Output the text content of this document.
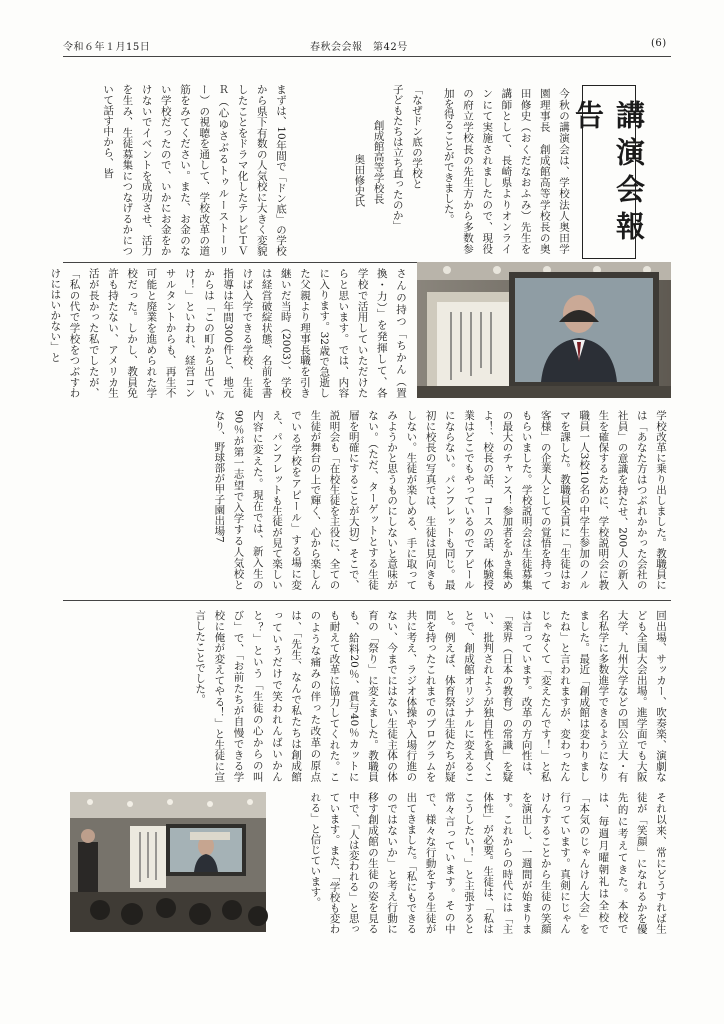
令和６年１月15日	春秋会会報　第42号	(6)
講演会報告
今秋の講演会は、学校法人奥田学園理事長　創成館高等学校長の奥田修史（おくだなおふみ）先生を講師として、長崎県よりオンラインにて実施されましたので、現役の府立学校長の先生方から多数参加を得ることができました。

「なぜドン底の学校と

子どもたちは立ち直ったのか」

創成館高等学校長

奥田修史氏

まずは、10年間で「ドン底」の学校から県下有数の人気校に大きく変貌したことをドラマ化したテレビＴＶＲ（心ゆさぶるトゥルーストーリー）の視聴を通して、学校改革の道筋をみてください。また、お金のない学校だったので、いかにお金をかけないでイベントを成功させ、活力を生み、生徒募集につなげるかについて話す中から、皆
さんの持つ「ちかん（置換・力）」を発揮して、各学校で活用していただけたらと思います。では、内容に入ります。32歳で急逝した父親より理事長職を引き継いだ当時（2003）、学校は経営破綻状態、名前を書けば入学できる学校、生徒指導は年間300件と、地元からは「この町から出ていけ！」といわれ、経営コンサルタントからも、再生不可能と廃業を進められた学校だった。しかし、教員免許も持たない、アメリカ生活が長かった私でしたが、「私の代で学校をつぶすわけにはいかない」と
学校改革に乗り出しました。教職員には「あなた方はつぶれかかった会社の社員」の意識を持たせ、200人の新入生を確保するために、学校説明会に教職員一人3校10名の中学生参加のノルマを課した。教職員全員に「生徒はお客様」の企業人としての覚悟を持ってもらいました。学校説明会は生徒募集の最大のチャンス！参加者をかき集めよ！、校長の話、コースの話、体験授業はどこでもやっているのでアピールにならない。パンフレットも同じ。最初に校長の写真では、生徒は見向きもしない。生徒が楽しめる、手に取ってみようかと思うものにしないと意味がない。（ただ、ターゲットとする生徒層を明確にすることが大切）そこで、説明会も「在校生徒を主役に、全ての生徒が舞台の上で輝く、心から楽しんでいる学校をアピール」する場に変え、パンフレットも生徒が見て楽しい内容に変えた。現在では、新入生の90％が第一志望で入学する人気校となり、野球部が甲子園出場7
回出場、サッカー、吹奏楽、演劇なども全国大会出場。進学面でも大阪大学、九州大学などの国公立大・有名私学に多数進学できるようになりました。最近「創成館は変わりましたね」と言われますが、変わったんじゃなくて「変えたんです！」と私は言っています。改革の方向性は、「業界（日本の教育）の常識」を疑い、批判されようが独自性を貫くことで、創成館オリジナルに変えること。例えば、体育祭は生徒たちが疑問を持ったこれまでのプログラムを共に考え、ラジオ体操や入場行進のない、今までにはない生徒主体の体育の「祭り」に変えました。教職員も、給料20％、賞与40％カットにも耐えて改革に協力してくれた。このような痛みの伴った改革の原点は、「先生、なんで私たちは創成館っていうだけで笑われんばいかんと？」という「生徒の心からの叫び」で、「お前たちが自慢できる学校に俺が変えてやる！」と生徒に宣言したことでした。
それ以来、常にどうすれば生徒が「笑顔」になれるかを優先的に考えてきた。本校では、毎週月曜朝礼は全校で「本気のじゃんけん大会」を行っています。真剣にじゃんけんすることから生徒の笑顔を演出し、一週間が始まります。これからの時代には「主体性」が必要。生徒は、「私はこうしたい！」と主張すると常々言っています。その中で、様々な行動をする生徒が出てきました。「私にもできるのではないか」と考え行動に移す創成館の生徒の姿を見る中で、「人は変われる」と思っています。また、「学校も変われる」と信じています。
